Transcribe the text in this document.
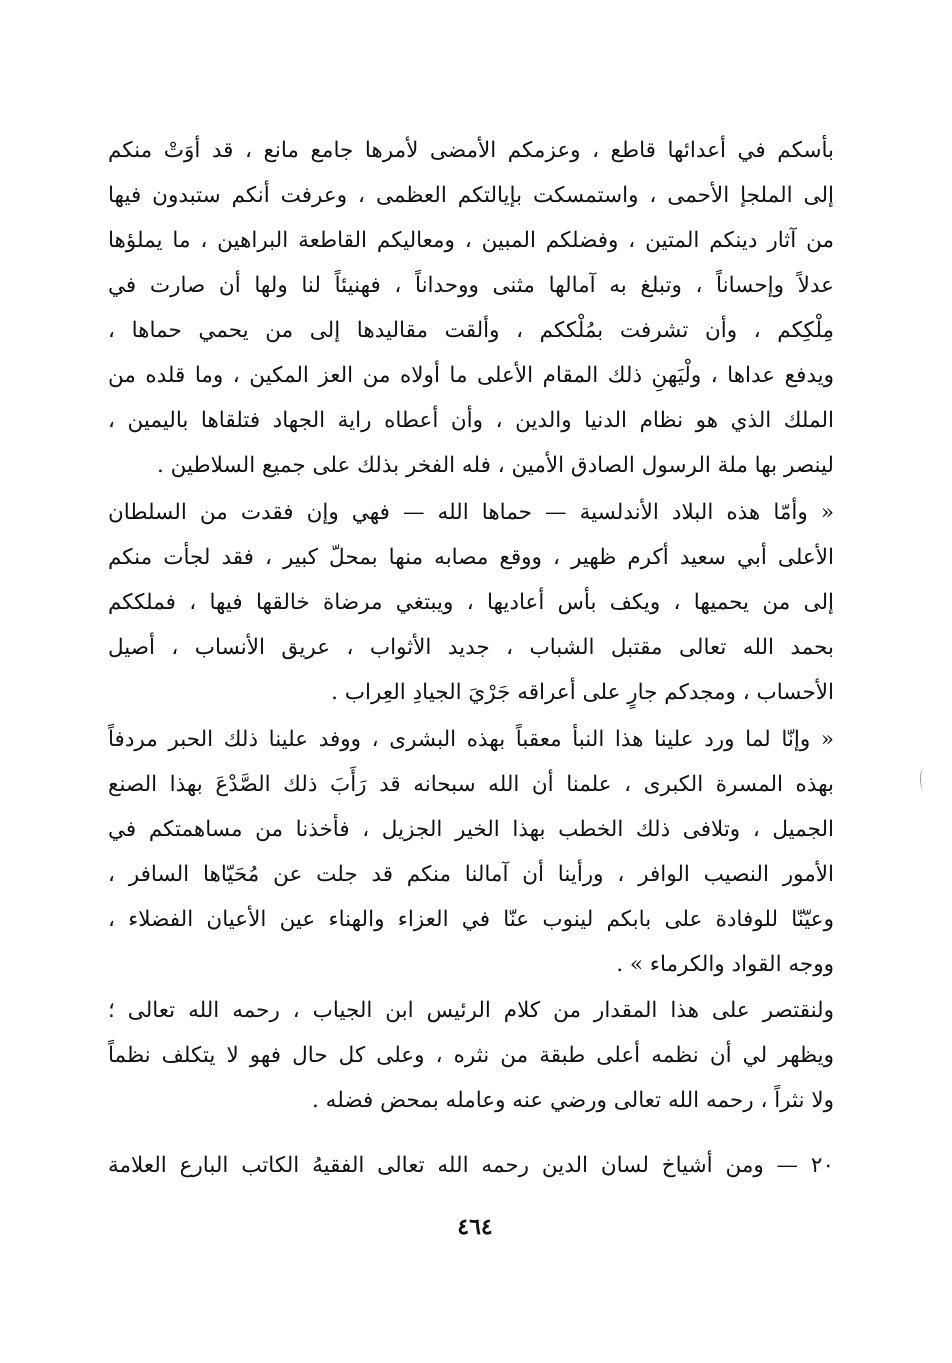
بأسكم في أعدائها قاطع ، وعزمكم الأمضى لأمرها جامع مانع ، قد أوَتْ منكم
إلى الملجإ الأحمى ، واستمسكت بإيالتكم العظمى ، وعرفت أنكم ستبدون فيها
من آثار دينكم المتين ، وفضلكم المبين ، ومعاليكم القاطعة البراهين ، ما يملؤها
عدلاً وإحساناً ، وتبلغ به آمالها مثنى ووحداناً ، فهنيئاً لنا ولها أن صارت في
مِلْكِكم ، وأن تشرفت بمُلْككم ، وألقت مقاليدها إلى من يحمي حماها ،
ويدفع عداها ، ولْيَهنِ ذلك المقام الأعلى ما أولاه من العز المكين ، وما قلده من
الملك الذي هو نظام الدنيا والدين ، وأن أعطاه راية الجهاد فتلقاها باليمين ،
لينصر بها ملة الرسول الصادق الأمين ، فله الفخر بذلك على جميع السلاطين .
« وأمّا هذه البلاد الأندلسية — حماها الله — فهي وإن فقدت من السلطان
الأعلى أبي سعيد أكرم ظهير ، ووقع مصابه منها بمحلّ كبير ، فقد لجأت منكم
إلى من يحميها ، ويكف بأس أعاديها ، ويبتغي مرضاة خالقها فيها ، فملككم
بحمد الله تعالى مقتبل الشباب ، جديد الأثواب ، عريق الأنساب ، أصيل
الأحساب ، ومجدكم جارٍ على أعراقه جَرْيَ الجيادِ العِراب .
« وإنّا لما ورد علينا هذا النبأ معقباً بهذه البشرى ، ووفد علينا ذلك الحبر مردفاً
بهذه المسرة الكبرى ، علمنا أن الله سبحانه قد رَأَبَ ذلك الصَّدْعَ بهذا الصنع
الجميل ، وتلافى ذلك الخطب بهذا الخير الجزيل ، فأخذنا من مساهمتكم في
الأمور النصيب الوافر ، ورأينا أن آمالنا منكم قد جلت عن مُحَيّاها السافر ،
وعيّنّا للوفادة على بابكم لينوب عنّا في العزاء والهناء عين الأعيان الفضلاء ،
ووجه القواد والكرماء » .
ولنقتصر على هذا المقدار من كلام الرئيس ابن الجياب ، رحمه الله تعالى ؛
ويظهر لي أن نظمه أعلى طبقة من نثره ، وعلى كل حال فهو لا يتكلف نظماً
ولا نثراً ، رحمه الله تعالى ورضي عنه وعامله بمحض فضله .
٢٠ — ومن أشياخ لسان الدين رحمه الله تعالى الفقيهُ الكاتب البارع العلامة
٤٦٤
